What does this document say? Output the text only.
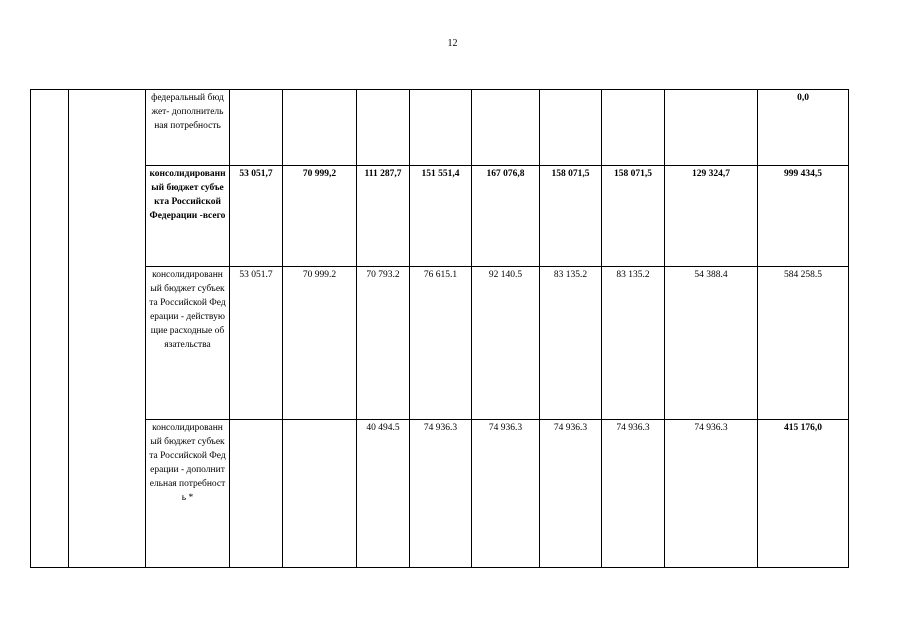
12
		федеральный бюджет- дополнительная потребность									0,0
		консолидированный бюджет субъекта Российской Федерации -всего	53 051,7	70 999,2	111 287,7	151 551,4	167 076,8	158 071,5	158 071,5	129 324,7	999 434,5
		консолидированный бюджет субъекта Российской Федерации - действующие расходные обязательства	53 051.7	70 999.2	70 793.2	76 615.1	92 140.5	83 135.2	83 135.2	54 388.4	584 258.5
		консолидированный бюджет субъекта Российской Федерации - дополнительная потребность *			40 494.5	74 936.3	74 936.3	74 936.3	74 936.3	74 936.3	415 176,0
